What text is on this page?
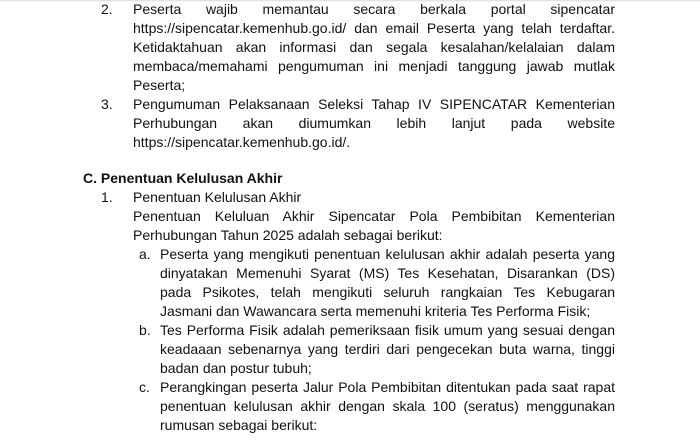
2. Peserta wajib memantau secara berkala portal sipencatar
https://sipencatar.kemenhub.go.id/ dan email Peserta yang telah terdaftar.
Ketidaktahuan akan informasi dan segala kesalahan/kelalaian dalam
membaca/memahami pengumuman ini menjadi tanggung jawab mutlak
Peserta;
3. Pengumuman Pelaksanaan Seleksi Tahap IV SIPENCATAR Kementerian
Perhubungan akan diumumkan lebih lanjut pada website
https://sipencatar.kemenhub.go.id/.
C. Penentuan Kelulusan Akhir
1. Penentuan Kelulusan Akhir
Penentuan Keluluan Akhir Sipencatar Pola Pembibitan Kementerian
Perhubungan Tahun 2025 adalah sebagai berikut:
a. Peserta yang mengikuti penentuan kelulusan akhir adalah peserta yang
dinyatakan Memenuhi Syarat (MS) Tes Kesehatan, Disarankan (DS)
pada Psikotes, telah mengikuti seluruh rangkaian Tes Kebugaran
Jasmani dan Wawancara serta memenuhi kriteria Tes Performa Fisik;
b. Tes Performa Fisik adalah pemeriksaan fisik umum yang sesuai dengan
keadaaan sebenarnya yang terdiri dari pengecekan buta warna, tinggi
badan dan postur tubuh;
c. Perangkingan peserta Jalur Pola Pembibitan ditentukan pada saat rapat
penentuan kelulusan akhir dengan skala 100 (seratus) menggunakan
rumusan sebagai berikut:
